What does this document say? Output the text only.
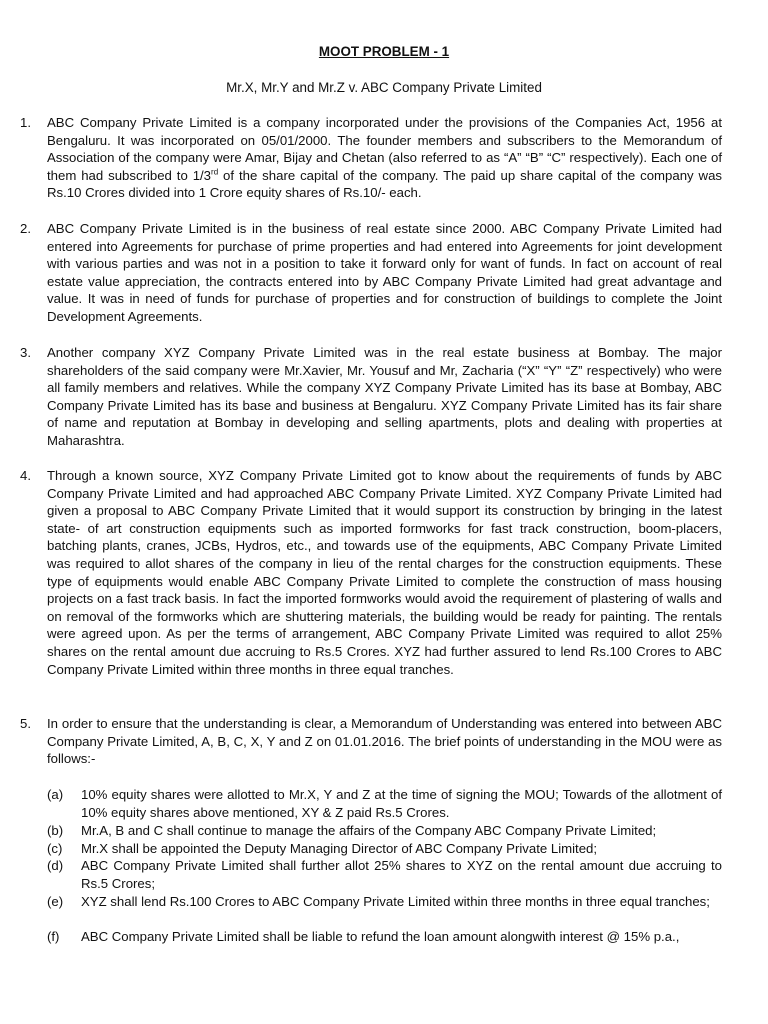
MOOT PROBLEM - 1
Mr.X, Mr.Y and Mr.Z v. ABC Company Private Limited
1.	ABC Company Private Limited is a company incorporated under the provisions of the Companies Act, 1956 at Bengaluru. It was incorporated on 05/01/2000. The founder members and subscribers to the Memorandum of Association of the company were Amar, Bijay and Chetan (also referred to as “A” “B” “C” respectively). Each one of them had subscribed to 1/3rd of the share capital of the company. The paid up share capital of the company was Rs.10 Crores divided into 1 Crore equity shares of Rs.10/- each.
2.	ABC Company Private Limited is in the business of real estate since 2000. ABC Company Private Limited had entered into Agreements for purchase of prime properties and had entered into Agreements for joint development with various parties and was not in a position to take it forward only for want of funds. In fact on account of real estate value appreciation, the contracts entered into by ABC Company Private Limited had great advantage and value. It was in need of funds for purchase of properties and for construction of buildings to complete the Joint Development Agreements.
3.	Another company XYZ Company Private Limited was in the real estate business at Bombay. The major shareholders of the said company were Mr.Xavier, Mr. Yousuf and Mr, Zacharia (“X” “Y” “Z” respectively) who were all family members and relatives. While the company XYZ Company Private Limited has its base at Bombay, ABC Company Private Limited has its base and business at Bengaluru. XYZ Company Private Limited has its fair share of name and reputation at Bombay in developing and selling apartments, plots and dealing with properties at Maharashtra.
4.	Through a known source, XYZ Company Private Limited got to know about the requirements of funds by ABC Company Private Limited and had approached ABC Company Private Limited. XYZ Company Private Limited had given a proposal to ABC Company Private Limited that it would support its construction by bringing in the latest state- of art construction equipments such as imported formworks for fast track construction, boom-placers, batching plants, cranes, JCBs, Hydros, etc., and towards use of the equipments, ABC Company Private Limited was required to allot shares of the company in lieu of the rental charges for the construction equipments. These type of equipments would enable ABC Company Private Limited to complete the construction of mass housing projects on a fast track basis. In fact the imported formworks would avoid the requirement of plastering of walls and on removal of the formworks which are shuttering materials, the building would be ready for painting. The rentals were agreed upon. As per the terms of arrangement, ABC Company Private Limited was required to allot 25% shares on the rental amount due accruing to Rs.5 Crores. XYZ had further assured to lend Rs.100 Crores to ABC Company Private Limited within three months in three equal tranches.
5.	In order to ensure that the understanding is clear, a Memorandum of Understanding was entered into between ABC Company Private Limited, A, B, C, X, Y and Z on 01.01.2016. The brief points of understanding in the MOU were as follows:-
(a) 10% equity shares were allotted to Mr.X, Y and Z at the time of signing the MOU; Towards of the allotment of 10% equity shares above mentioned, XY & Z paid Rs.5 Crores.
(b) Mr.A, B and C shall continue to manage the affairs of the Company ABC Company Private Limited;
(c) Mr.X shall be appointed the Deputy Managing Director of ABC Company Private Limited;
(d) ABC Company Private Limited shall further allot 25% shares to XYZ on the rental amount due accruing to Rs.5 Crores;
(e) XYZ shall lend Rs.100 Crores to ABC Company Private Limited within three months in three equal tranches;
(f) ABC Company Private Limited shall be liable to refund the loan amount alongwith interest @ 15% p.a.,
